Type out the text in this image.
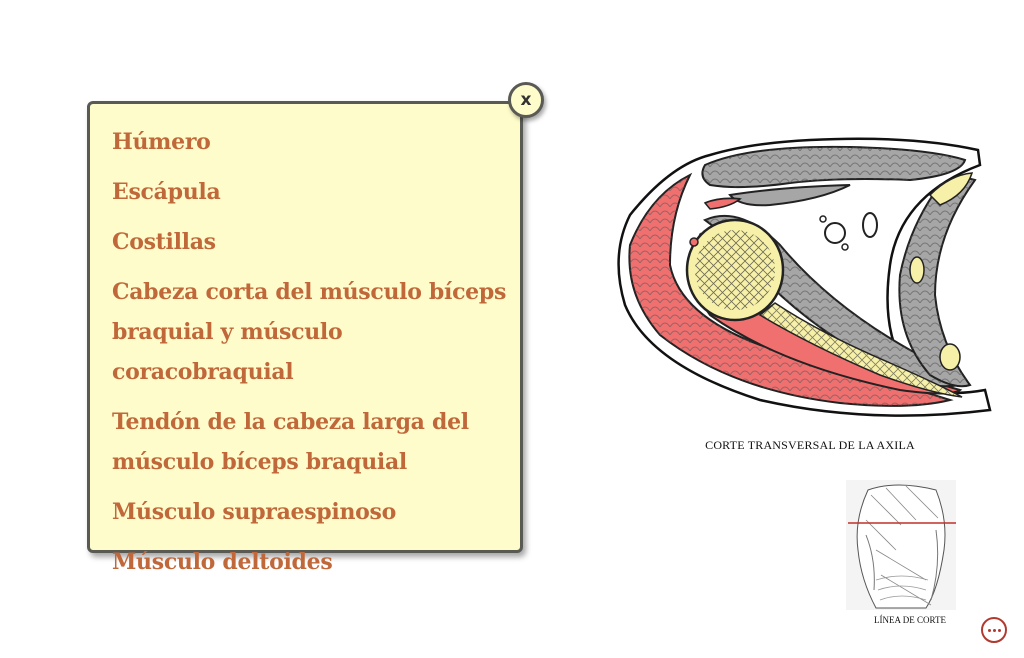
Húmero
Escápula
Costillas
Cabeza corta del músculo bíceps braquial y músculo coracobraquial
Tendón de la cabeza larga del músculo bíceps braquial
Músculo supraespinoso
Músculo deltoides
x
CORTE TRANSVERSAL DE LA AXILA
LÍNEA DE CORTE
